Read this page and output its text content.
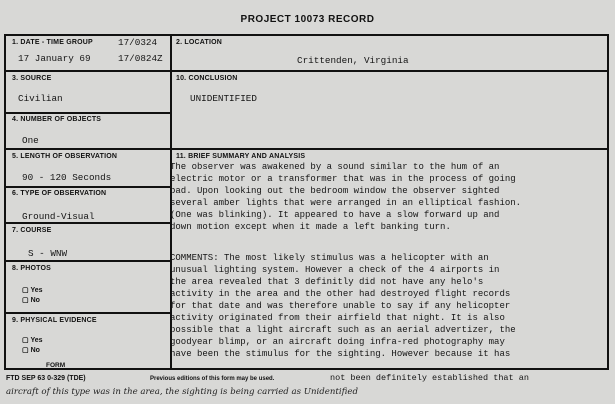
PROJECT 10073 RECORD
1. DATE - TIME GROUP	17/0324
17 January 69	17/0824Z
2. LOCATION
Crittenden, Virginia
3. SOURCE
Civilian
10. CONCLUSION
UNIDENTIFIED
4. NUMBER OF OBJECTS
One
5. LENGTH OF OBSERVATION
90 - 120 Seconds
6. TYPE OF OBSERVATION
Ground-Visual
7. COURSE
S - WNW
8. PHOTOS
▢ Yes
▢ No
9. PHYSICAL EVIDENCE
▢ Yes
▢ No
11. BRIEF SUMMARY AND ANALYSIS
The observer was awakened by a sound similar to the hum of an
electric motor or a transformer that was in the process of going
bad. Upon looking out the bedroom window the observer sighted
several amber lights that were arranged in an elliptical fashion.
(One was blinking). It appeared to have a slow forward up and
down motion except when it made a left banking turn.
COMMENTS: The most likely stimulus was a helicopter with an
unusual lighting system. However a check of the 4 airports in
the area revealed that 3 definitly did not have any helo's
activity in the area and the other had destroyed flight records
for that date and was therefore unable to say if any helicopter
activity originated from their airfield that night. It is also
possible that a light aircraft such as an aerial advertizer, the
goodyear blimp, or an aircraft doing infra-red photography may
have been the stimulus for the sighting. However because it has
FORM
FTD SEP 63 0-329 (TDE)	Previous editions of this form may be used.	not been definitely established that an
aircraft of this type was in the area, the sighting is being carried as Unidentified
